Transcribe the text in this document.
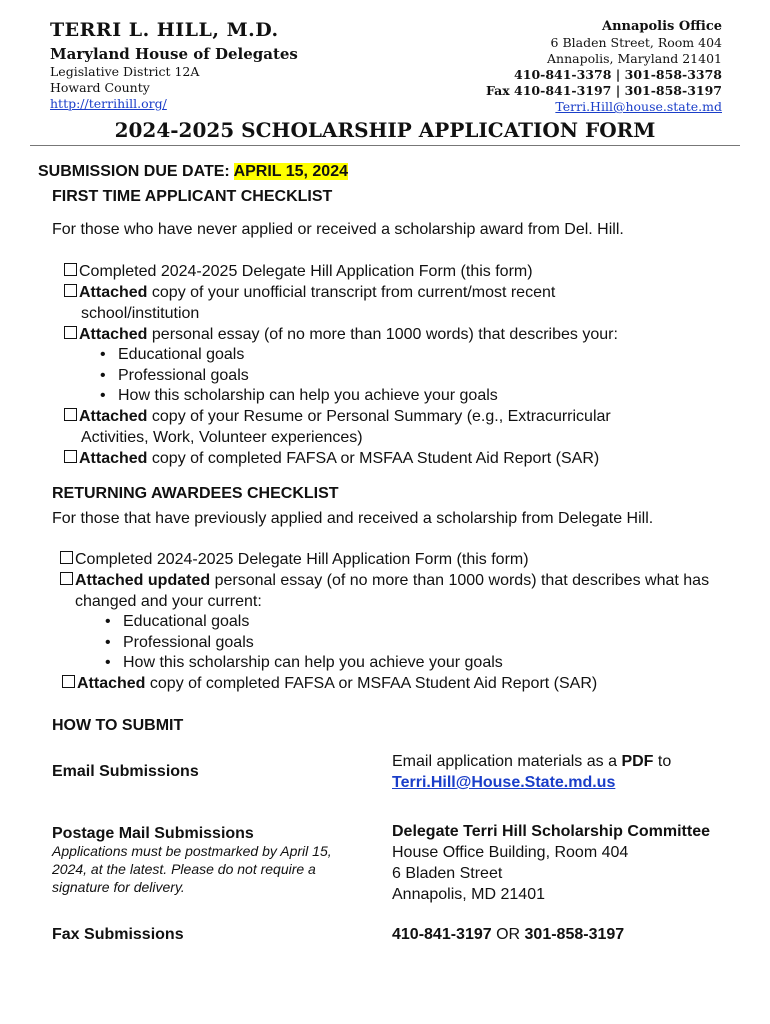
TERRI L. HILL, M.D.
Maryland House of Delegates
Legislative District 12A
Howard County
http://terrihill.org/
Annapolis Office
6 Bladen Street, Room 404
Annapolis, Maryland 21401
410-841-3378 | 301-858-3378
Fax 410-841-3197 | 301-858-3197
Terri.Hill@house.state.md
2024-2025 SCHOLARSHIP APPLICATION FORM
SUBMISSION DUE DATE: APRIL 15, 2024
FIRST TIME APPLICANT CHECKLIST
For those who have never applied or received a scholarship award from Del. Hill.
Completed 2024-2025 Delegate Hill Application Form (this form)
Attached copy of your unofficial transcript from current/most recent
school/institution
Attached personal essay (of no more than 1000 words) that describes your:
• Educational goals
• Professional goals
• How this scholarship can help you achieve your goals
Attached copy of your Resume or Personal Summary (e.g., Extracurricular
Activities, Work, Volunteer experiences)
Attached copy of completed FAFSA or MSFAA Student Aid Report (SAR)
RETURNING AWARDEES CHECKLIST
For those that have previously applied and received a scholarship from Delegate Hill.
Completed 2024-2025 Delegate Hill Application Form (this form)
Attached updated personal essay (of no more than 1000 words) that describes what has
changed and your current:
• Educational goals
• Professional goals
• How this scholarship can help you achieve your goals
Attached copy of completed FAFSA or MSFAA Student Aid Report (SAR)
HOW TO SUBMIT
Email Submissions
Email application materials as a PDF to
Terri.Hill@House.State.md.us
Postage Mail Submissions
Applications must be postmarked by April 15, 2024, at the latest. Please do not require a signature for delivery.
Delegate Terri Hill Scholarship Committee
House Office Building, Room 404
6 Bladen Street
Annapolis, MD 21401
Fax Submissions	410-841-3197 OR 301-858-3197
